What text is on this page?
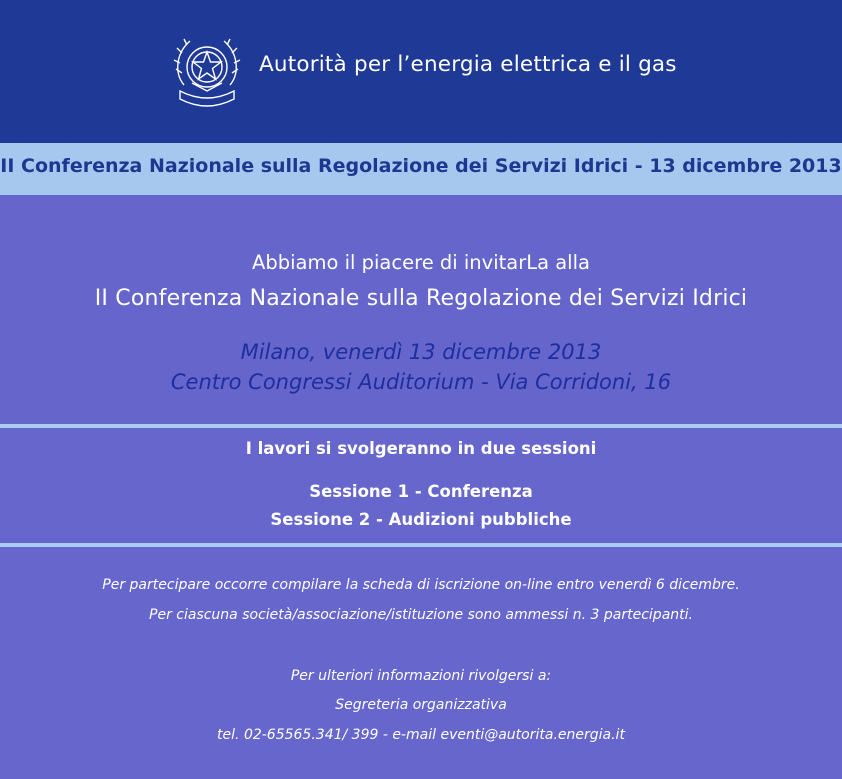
Autorità per l’energia elettrica e il gas
II Conferenza Nazionale sulla Regolazione dei Servizi Idrici - 13 dicembre 2013
Abbiamo il piacere di invitarLa alla
II Conferenza Nazionale sulla Regolazione dei Servizi Idrici
Milano, venerdì 13 dicembre 2013
Centro Congressi Auditorium - Via Corridoni, 16
I lavori si svolgeranno in due sessioni
Sessione 1 - Conferenza
Sessione 2 - Audizioni pubbliche
Per partecipare occorre compilare la scheda di iscrizione on-line entro venerdì 6 dicembre.
Per ciascuna società/associazione/istituzione sono ammessi n. 3 partecipanti.
Per ulteriori informazioni rivolgersi a:
Segreteria organizzativa
tel. 02-65565.341/ 399 - e-mail eventi@autorita.energia.it
